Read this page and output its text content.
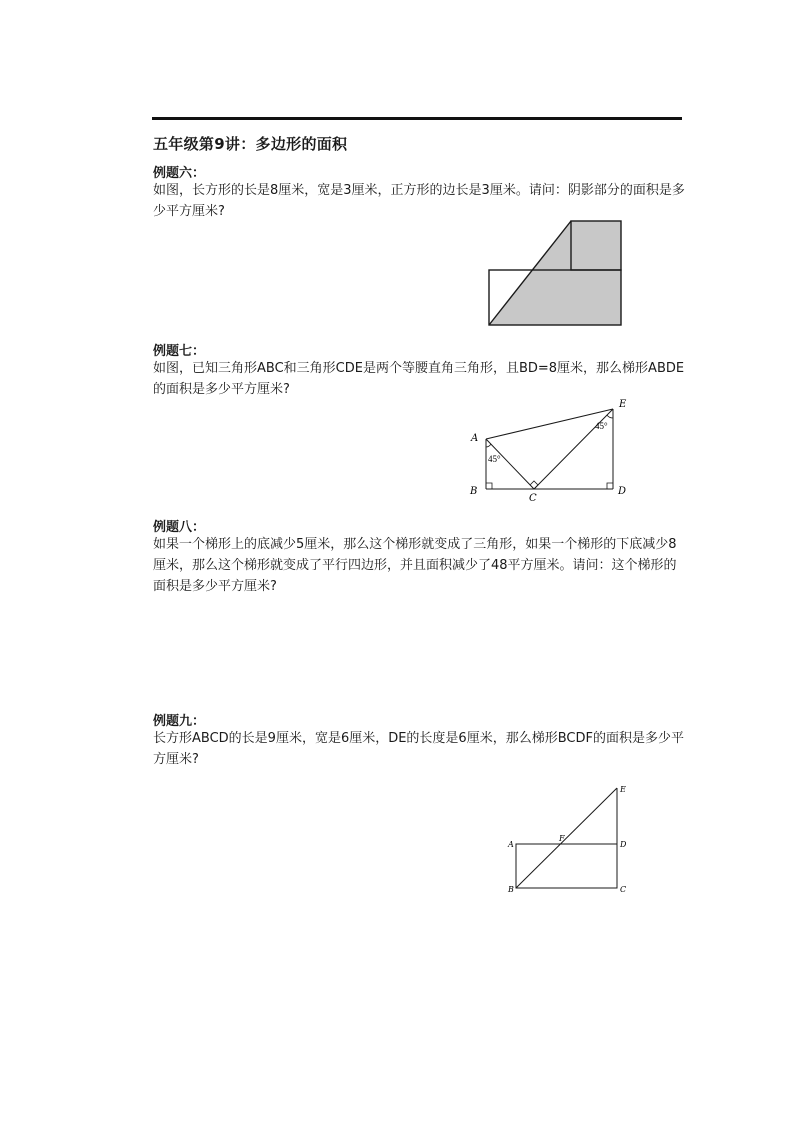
五年级第9讲：多边形的面积
例题六：
如图，长方形的长是8厘米，宽是3厘米，正方形的边长是3厘米。请问：阴影部分的面积是多少平方厘米?
例题七：
如图，已知三角形ABC和三角形CDE是两个等腰直角三角形，且BD=8厘米，那么梯形ABDE的面积是多少平方厘米?
A
B
C
D
E
45°
45°
例题八：
如果一个梯形上的底减少5厘米，那么这个梯形就变成了三角形，如果一个梯形的下底减少8厘米，那么这个梯形就变成了平行四边形，并且面积减少了48平方厘米。请问：这个梯形的面积是多少平方厘米?
例题九：
长方形ABCD的长是9厘米，宽是6厘米，DE的长度是6厘米，那么梯形BCDF的面积是多少平方厘米?
A
B	C
D
E
F
